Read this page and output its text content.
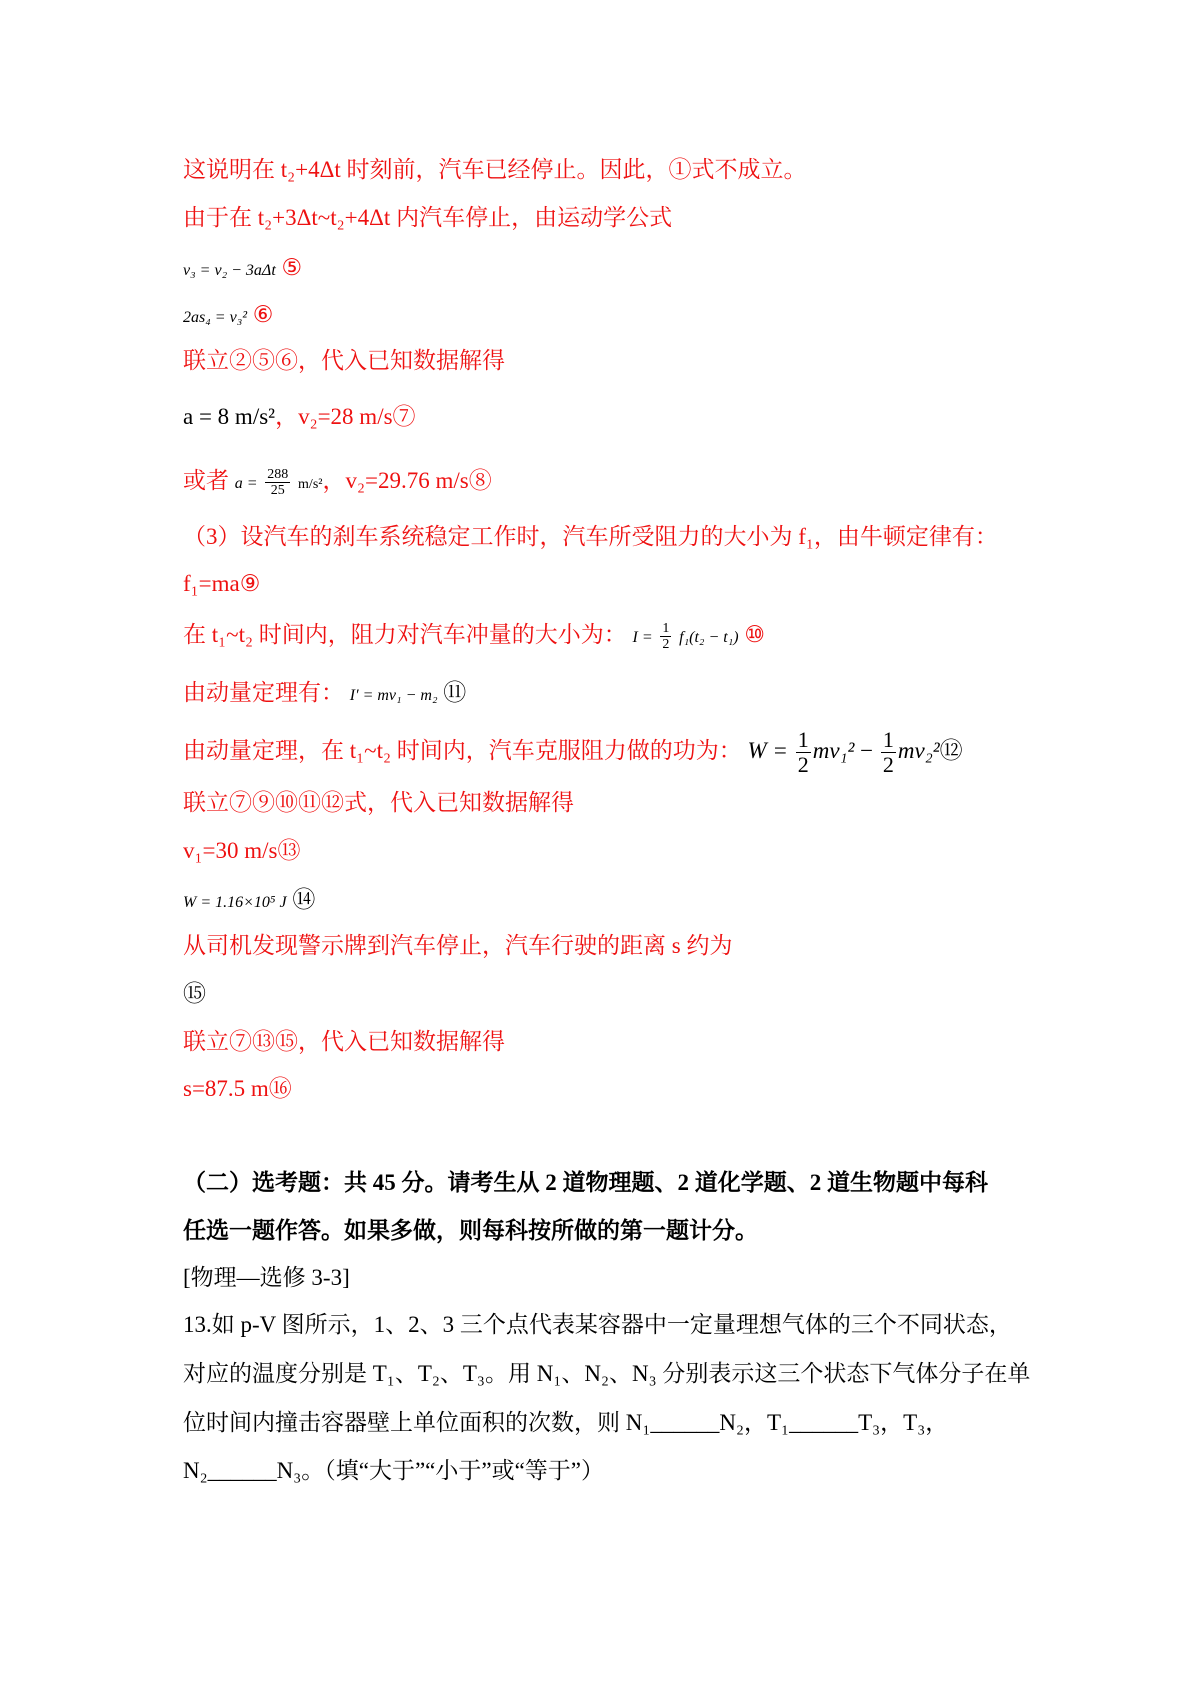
这说明在 t₂+4Δt 时刻前，汽车已经停止。因此，①式不成立。
由于在 t₂+3Δt~t₂+4Δt 内汽车停止，由运动学公式
v₃ = v₂ − 3aΔt ⑤
2as₄ = v₃² ⑥
联立②⑤⑥，代入已知数据解得
a = 8 m/s²，v₂=28 m/s⑦
或者 $a = \frac{288}{25} m/s^2$，v₂=29.76 m/s⑧
（3）设汽车的刹车系统稳定工作时，汽车所受阻力的大小为 f₁，由牛顿定律有：
f₁=ma⑨
在 t₁~t₂ 时间内，阻力对汽车冲量的大小为： $I = \frac{1}{2} f_1(t_2 - t_1)$ ⑩
由动量定理有： I′ = mv₁ − m₂ ⑪
由动量定理，在 t₁~t₂ 时间内，汽车克服阻力做的功为： $W = \frac{1}{2} mv_1^2 - \frac{1}{2}$ mv₂²⑫
联立⑦⑨⑩⑪⑫式，代入已知数据解得
v₁=30 m/s⑬
W = 1.16×10⁵ J ⑭
从司机发现警示牌到汽车停止，汽车行驶的距离 s 约为
⑮
联立⑦⑬⑮，代入已知数据解得
s=87.5 m⑯
（二）选考题：共 45 分。请考生从 2 道物理题、2 道化学题、2 道生物题中每科
任选一题作答。如果多做，则每科按所做的第一题计分。
[物理—选修 3-3]
13.如 p-V 图所示，1、2、3 三个点代表某容器中一定量理想气体的三个不同状态，
对应的温度分别是 T₁、T₂、T₃。用 N₁、N₂、N₃ 分别表示这三个状态下气体分子在单
位时间内撞击容器壁上单位面积的次数，则 N₁______N₂，T₁______T₃，T₃，
N₂______N₃。（填“大于”“小于”或“等于”）
